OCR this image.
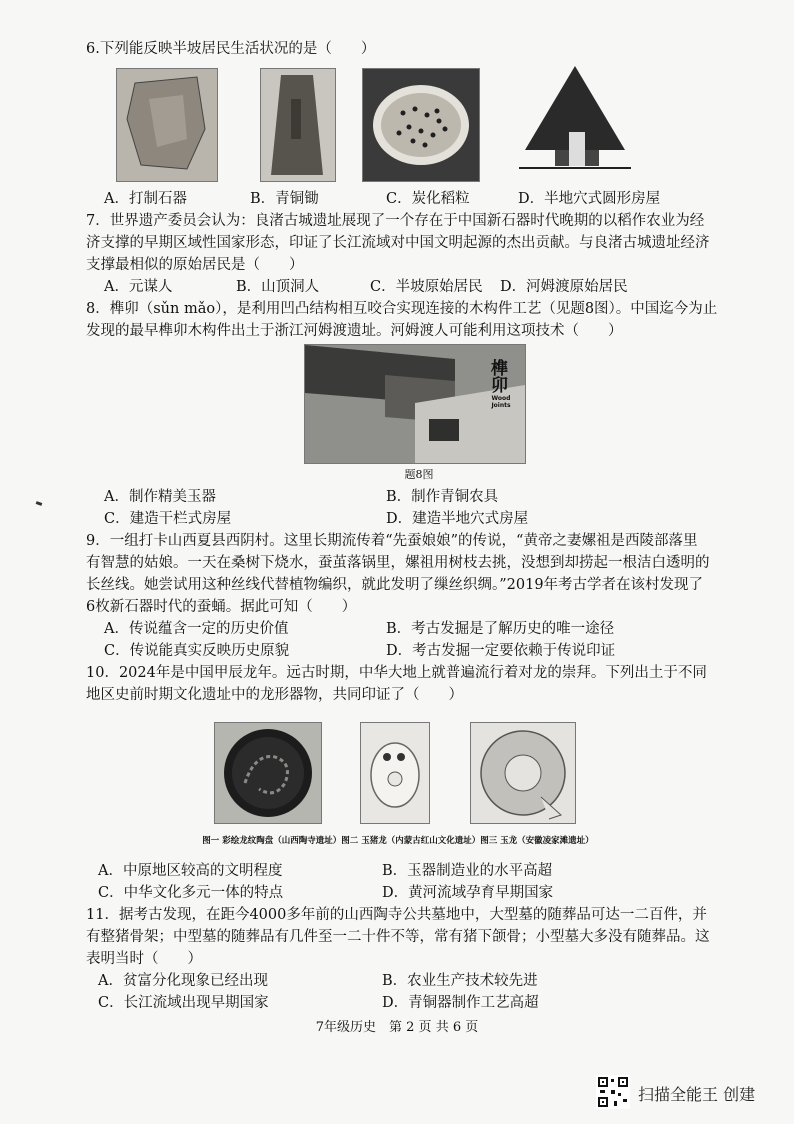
6.下列能反映半坡居民生活状况的是（　　）
A．打制石器	B．青铜锄	C．炭化稻粒	D．半地穴式圆形房屋
7．世界遗产委员会认为：良渚古城遗址展现了一个存在于中国新石器时代晚期的以稻作农业为经
济支撑的早期区域性国家形态，印证了长江流域对中国文明起源的杰出贡献。与良渚古城遗址经济
支撑最相似的原始居民是（　　）
A．元谋人	B．山顶洞人	C．半坡原始居民 D．河姆渡原始居民
8．榫卯（sǔn mǎo），是利用凹凸结构相互咬合实现连接的木构件工艺（见题8图）。中国迄今为止
发现的最早榫卯木构件出土于浙江河姆渡遗址。河姆渡人可能利用这项技术（　　）
榫卯
Wood Joints
题8图
A．制作精美玉器	B．制作青铜农具
C．建造干栏式房屋	D．建造半地穴式房屋
9．一组打卡山西夏县西阴村。这里长期流传着“先蚕娘娘”的传说，“黄帝之妻嫘祖是西陵部落里
有智慧的姑娘。一天在桑树下烧水，蚕茧落锅里，嫘祖用树枝去挑，没想到却捞起一根洁白透明的
长丝线。她尝试用这种丝线代替植物编织，就此发明了缫丝织绸。”2019年考古学者在该村发现了
6枚新石器时代的蚕蛹。据此可知（　　）
A．传说蕴含一定的历史价值	B．考古发掘是了解历史的唯一途径
C．传说能真实反映历史原貌	D．考古发掘一定要依赖于传说印证
10．2024年是中国甲辰龙年。远古时期，中华大地上就普遍流行着对龙的崇拜。下列出土于不同
地区史前时期文化遗址中的龙形器物，共同印证了（　　）
图一 彩绘龙纹陶盘（山西陶寺遗址）图二 玉猪龙（内蒙古红山文化遗址）图三 玉龙（安徽凌家滩遗址）
A．中原地区较高的文明程度	B．玉器制造业的水平高超
C．中华文化多元一体的特点	D．黄河流域孕育早期国家
11．据考古发现，在距今4000多年前的山西陶寺公共墓地中，大型墓的随葬品可达一二百件，并
有整猪骨架；中型墓的随葬品有几件至一二十件不等，常有猪下颌骨；小型墓大多没有随葬品。这
表明当时（　　）
A．贫富分化现象已经出现	B．农业生产技术较先进
C．长江流域出现早期国家	D．青铜器制作工艺高超
7年级历史　第 2 页 共 6 页
扫描全能王 创建
